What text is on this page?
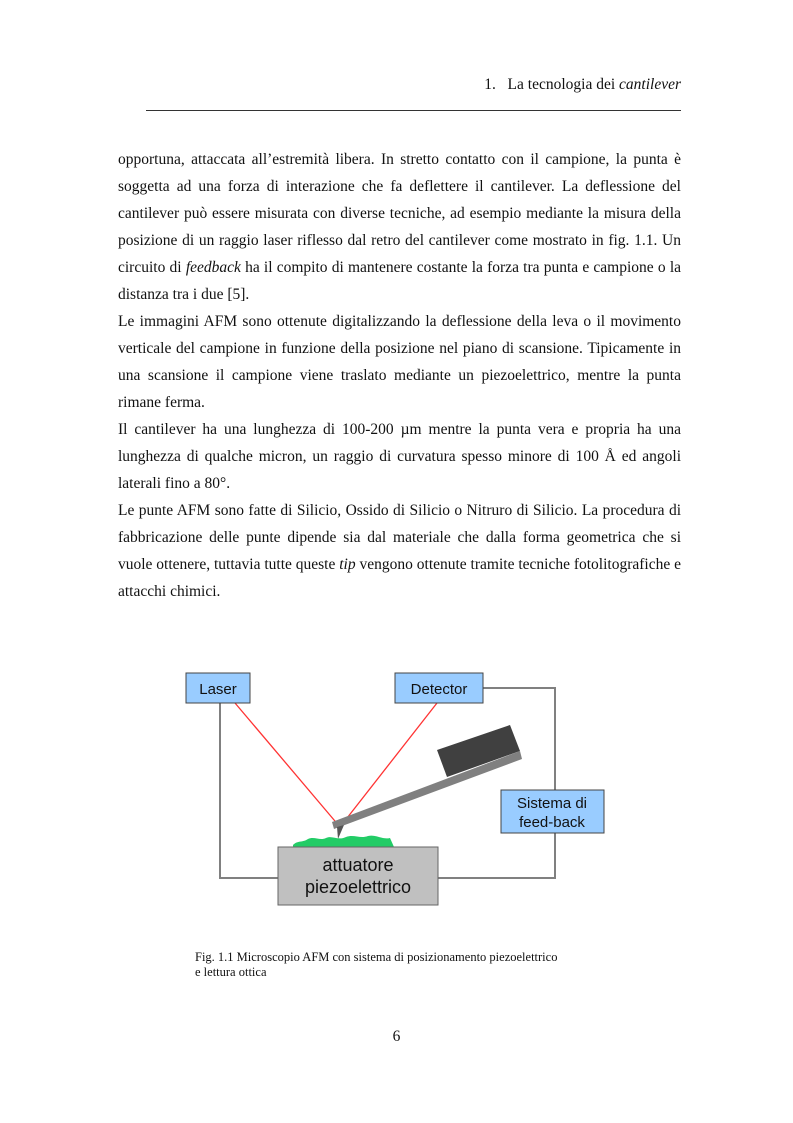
1. La tecnologia dei cantilever

opportuna, attaccata all’estremità libera. In stretto contatto con il campione, la punta è soggetta ad una forza di interazione che fa deflettere il cantilever. La deflessione del cantilever può essere misurata con diverse tecniche, ad esempio mediante la misura della posizione di un raggio laser riflesso dal retro del cantilever come mostrato in fig. 1.1. Un circuito di feedback ha il compito di mantenere costante la forza tra punta e campione o la distanza tra i due [5].

Le immagini AFM sono ottenute digitalizzando la deflessione della leva o il movimento verticale del campione in funzione della posizione nel piano di scansione. Tipicamente in una scansione il campione viene traslato mediante un piezoelettrico, mentre la punta rimane ferma.

Il cantilever ha una lunghezza di 100-200 µm mentre la punta vera e propria ha una lunghezza di qualche micron, un raggio di curvatura spesso minore di 100 Å ed angoli laterali fino a 80°.

Le punte AFM sono fatte di Silicio, Ossido di Silicio o Nitruro di Silicio. La procedura di fabbricazione delle punte dipende sia dal materiale che dalla forma geometrica che si vuole ottenere, tuttavia tutte queste tip vengono ottenute tramite tecniche fotolitografiche e attacchi chimici.

Laser	Detector
Sistema di
feed-back
attuatore
piezoelettrico
Fig. 1.1 Microscopio AFM con sistema di posizionamento piezoelettrico
e lettura ottica
6
